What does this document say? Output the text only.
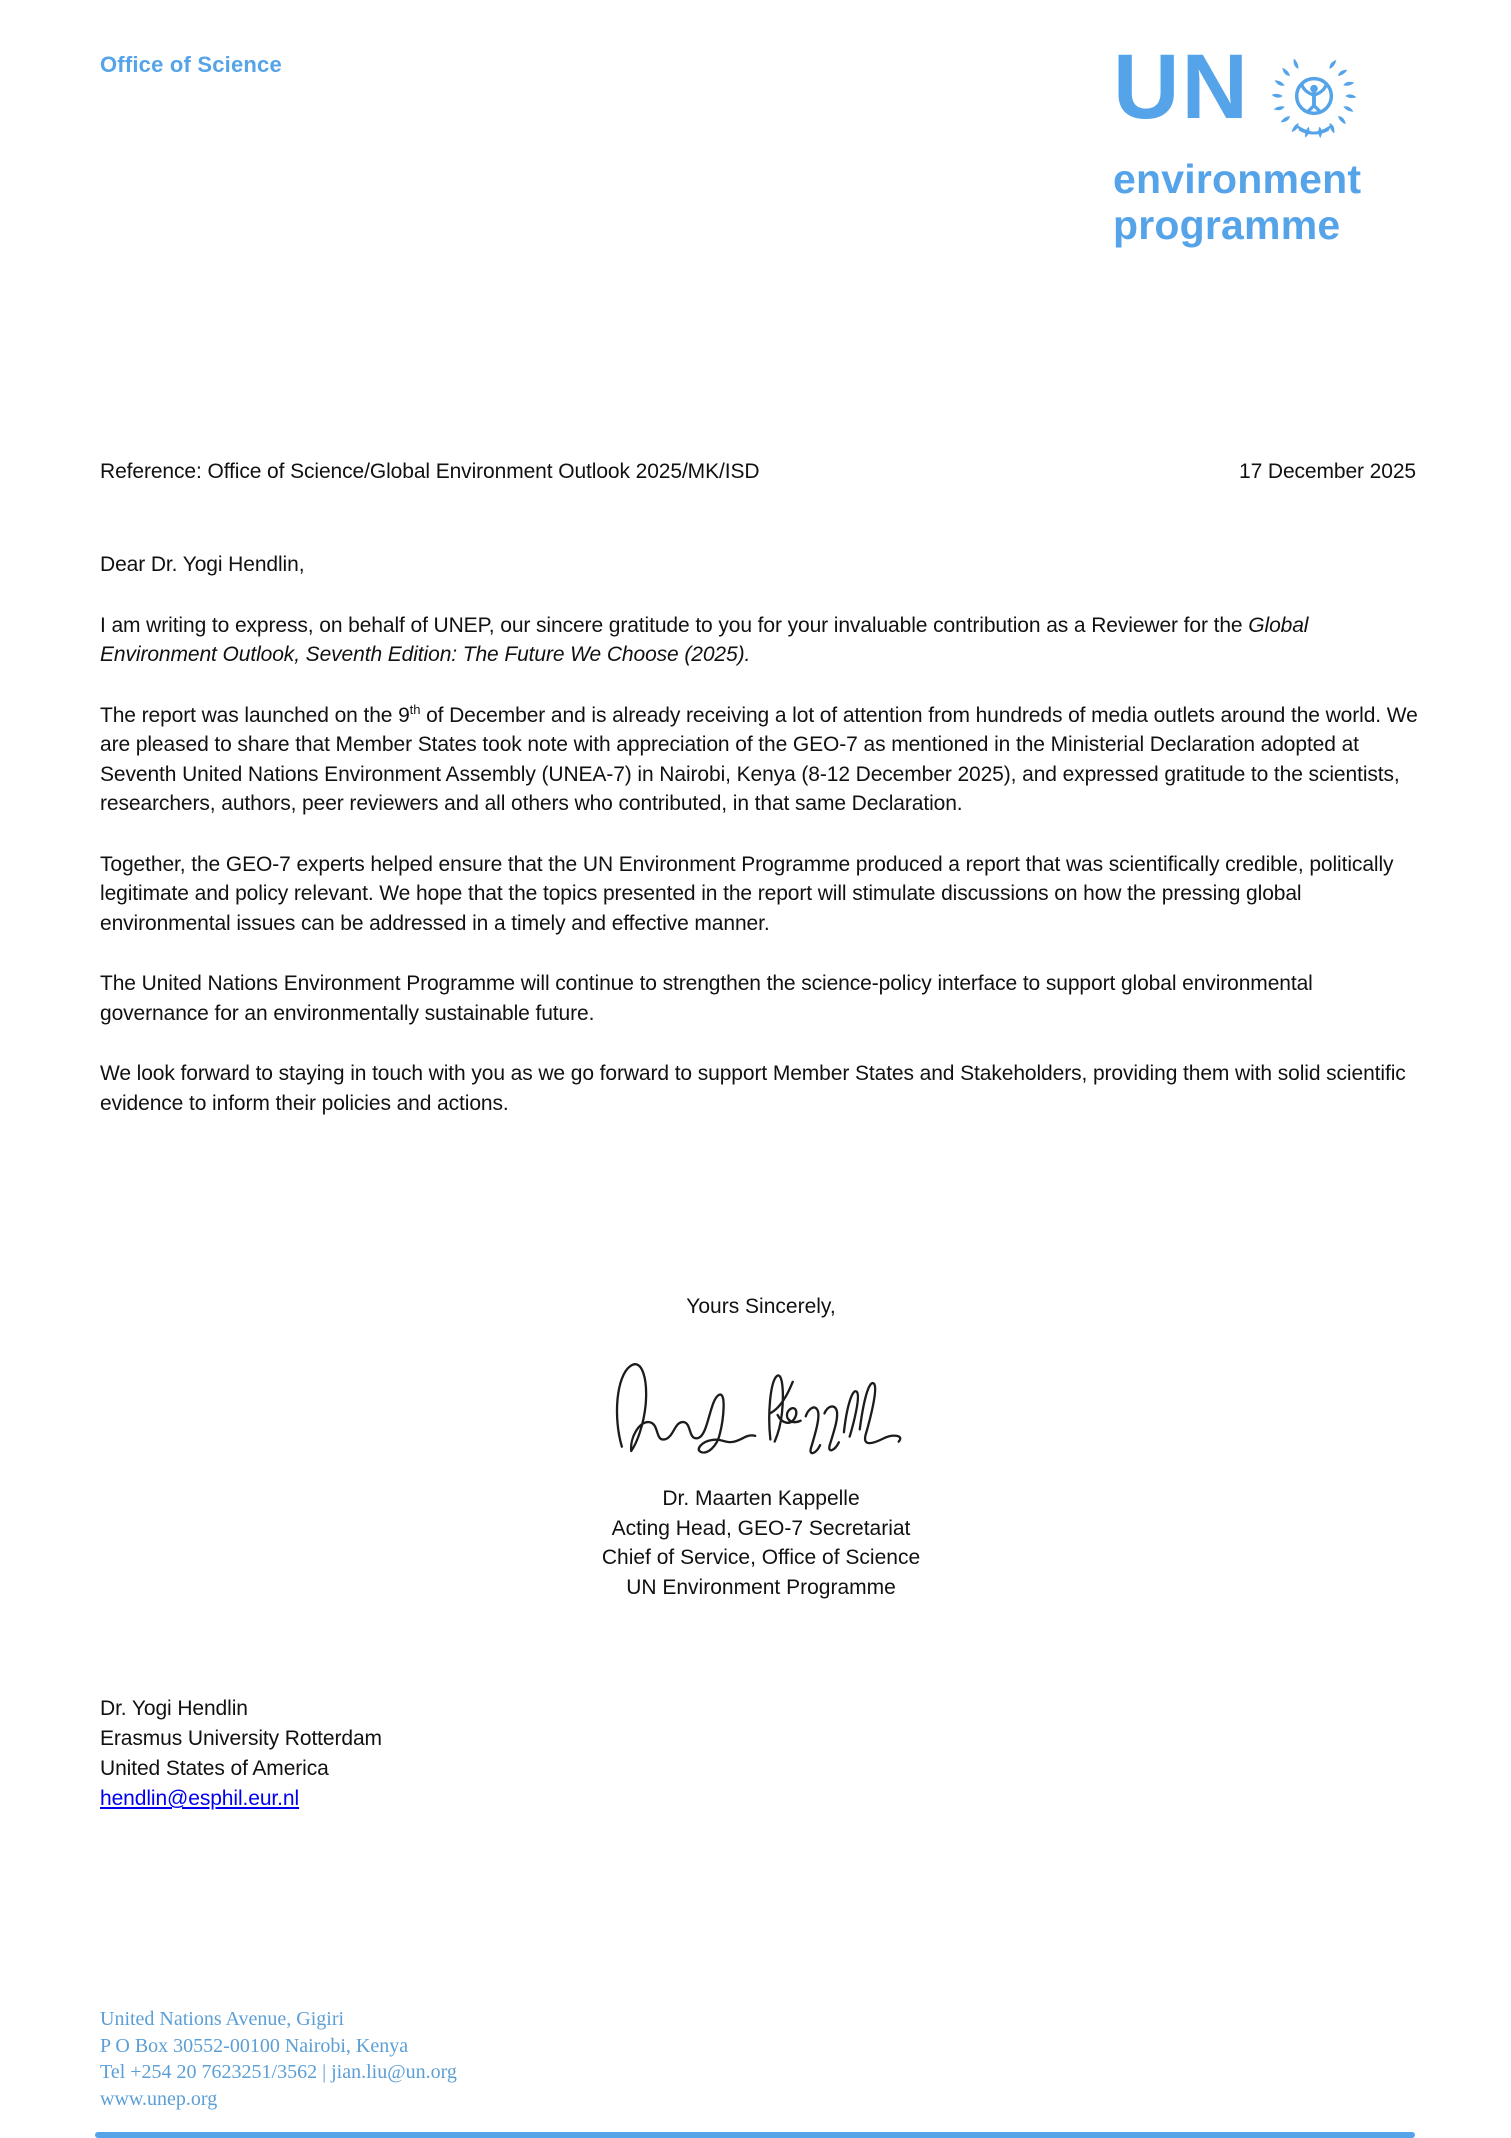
Office of Science	UN
environment
programme
Reference: Office of Science/Global Environment Outlook 2025/MK/ISD	17 December 2025

Dear Dr. Yogi Hendlin,

I am writing to express, on behalf of UNEP, our sincere gratitude to you for your invaluable contribution as a Reviewer for the Global Environment Outlook, Seventh Edition: The Future We Choose (2025).

The report was launched on the 9th of December and is already receiving a lot of attention from hundreds of media outlets around the world. We are pleased to share that Member States took note with appreciation of the GEO-7 as mentioned in the Ministerial Declaration adopted at Seventh United Nations Environment Assembly (UNEA-7) in Nairobi, Kenya (8-12 December 2025), and expressed gratitude to the scientists, researchers, authors, peer reviewers and all others who contributed, in that same Declaration.

Together, the GEO-7 experts helped ensure that the UN Environment Programme produced a report that was scientifically credible, politically legitimate and policy relevant. We hope that the topics presented in the report will stimulate discussions on how the pressing global environmental issues can be addressed in a timely and effective manner.

The United Nations Environment Programme will continue to strengthen the science-policy interface to support global environmental governance for an environmentally sustainable future.

We look forward to staying in touch with you as we go forward to support Member States and Stakeholders, providing them with solid scientific evidence to inform their policies and actions.

Yours Sincerely,
Dr. Maarten Kappelle
Acting Head, GEO-7 Secretariat
Chief of Service, Office of Science
UN Environment Programme
Dr. Yogi Hendlin
Erasmus University Rotterdam
United States of America
hendlin@esphil.eur.nl
United Nations Avenue, Gigiri
P O Box 30552-00100 Nairobi, Kenya
Tel +254 20 7623251/3562 | jian.liu@un.org
www.unep.org
